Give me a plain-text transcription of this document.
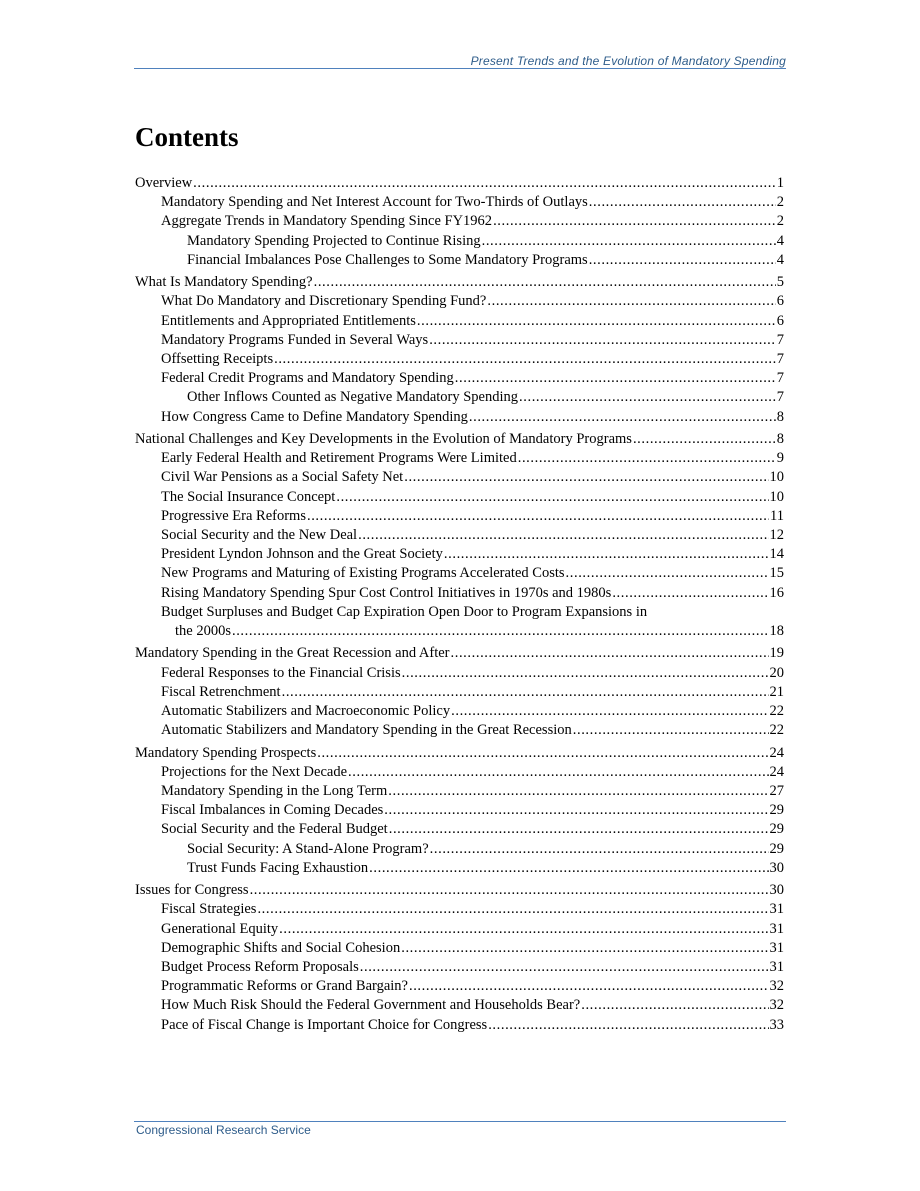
Present Trends and the Evolution of Mandatory Spending
Contents
Overview .....	1
Mandatory Spending and Net Interest Account for Two-Thirds of Outlays .....	2
Aggregate Trends in Mandatory Spending Since FY1962 .....	2
Mandatory Spending Projected to Continue Rising .....	4
Financial Imbalances Pose Challenges to Some Mandatory Programs .....	4
What Is Mandatory Spending? .....	5
What Do Mandatory and Discretionary Spending Fund? .....	6
Entitlements and Appropriated Entitlements .....	6
Mandatory Programs Funded in Several Ways .....	7
Offsetting Receipts .....	7
Federal Credit Programs and Mandatory Spending .....	7
Other Inflows Counted as Negative Mandatory Spending .....	7
How Congress Came to Define Mandatory Spending .....	8
National Challenges and Key Developments in the Evolution of Mandatory Programs .....	8
Early Federal Health and Retirement Programs Were Limited .....	9
Civil War Pensions as a Social Safety Net .....	10
The Social Insurance Concept .....	10
Progressive Era Reforms .....	11
Social Security and the New Deal .....	12
President Lyndon Johnson and the Great Society .....	14
New Programs and Maturing of Existing Programs Accelerated Costs .....	15
Rising Mandatory Spending Spur Cost Control Initiatives in 1970s and 1980s .....	16
Budget Surpluses and Budget Cap Expiration Open Door to Program Expansions in
the 2000s .....	18
Mandatory Spending in the Great Recession and After .....	19
Federal Responses to the Financial Crisis .....	20
Fiscal Retrenchment .....	21
Automatic Stabilizers and Macroeconomic Policy .....	22
Automatic Stabilizers and Mandatory Spending in the Great Recession .....	22
Mandatory Spending Prospects .....	24
Projections for the Next Decade .....	24
Mandatory Spending in the Long Term .....	27
Fiscal Imbalances in Coming Decades .....	29
Social Security and the Federal Budget .....	29
Social Security: A Stand-Alone Program? .....	29
Trust Funds Facing Exhaustion .....	30
Issues for Congress .....	30
Fiscal Strategies .....	31
Generational Equity .....	31
Demographic Shifts and Social Cohesion .....	31
Budget Process Reform Proposals .....	31
Programmatic Reforms or Grand Bargain? .....	32
How Much Risk Should the Federal Government and Households Bear? .....	32
Pace of Fiscal Change is Important Choice for Congress .....	33
Congressional Research Service
